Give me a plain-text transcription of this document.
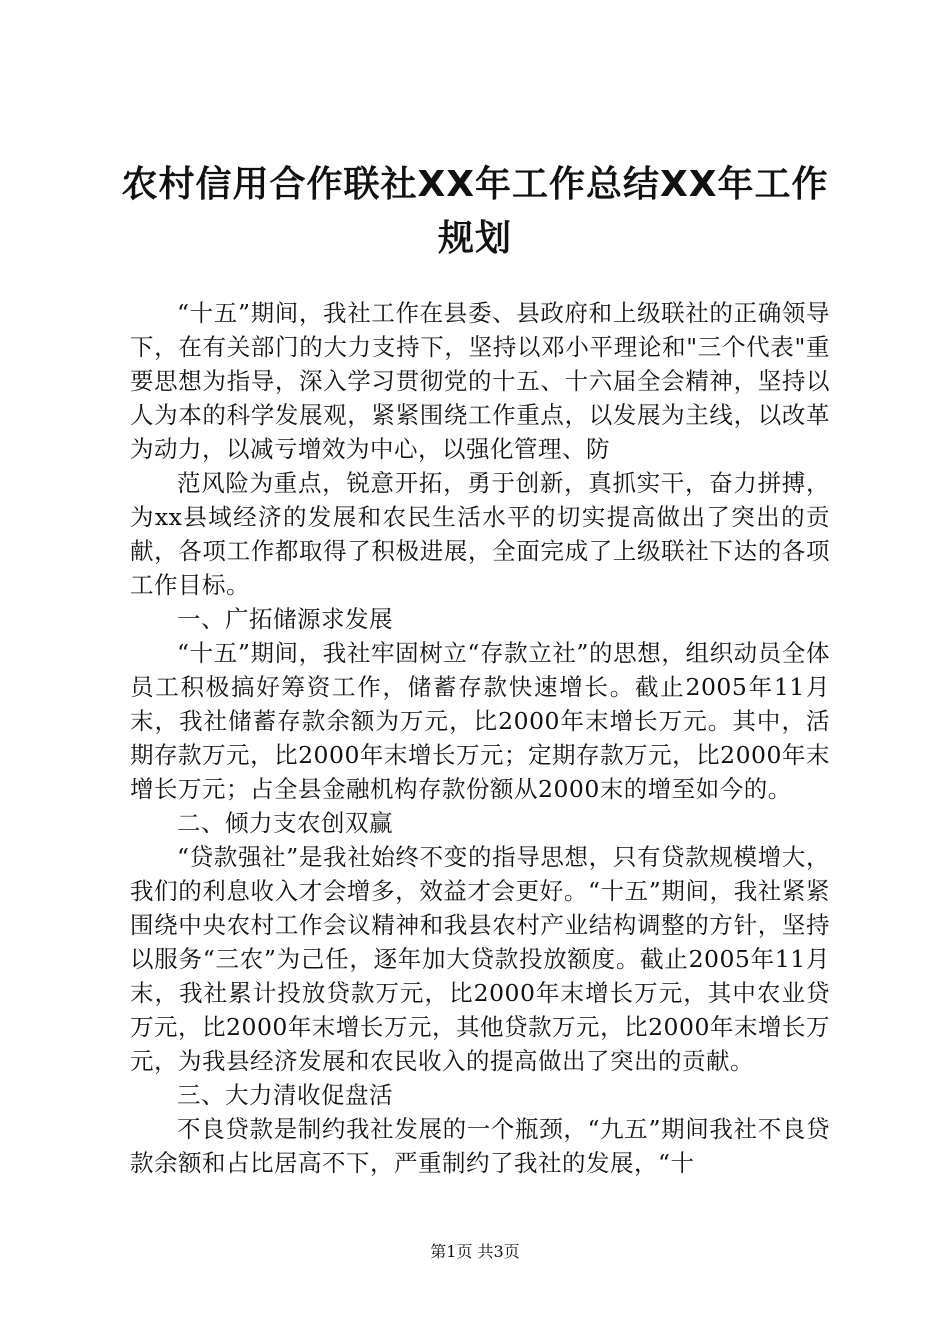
农村信用合作联社XX年工作总结XX年工作规划

“十五”期间，我社工作在县委、县政府和上级联社的正确领导下，在有关部门的大力支持下，坚持以邓小平理论和"三个代表"重要思想为指导，深入学习贯彻党的十五、十六届全会精神，坚持以人为本的科学发展观，紧紧围绕工作重点，以发展为主线，以改革为动力，以减亏增效为中心，以强化管理、防

范风险为重点，锐意开拓，勇于创新，真抓实干，奋力拼搏，为xx县域经济的发展和农民生活水平的切实提高做出了突出的贡献，各项工作都取得了积极进展，全面完成了上级联社下达的各项工作目标。

一、广拓储源求发展

“十五”期间，我社牢固树立“存款立社”的思想，组织动员全体员工积极搞好筹资工作，储蓄存款快速增长。截止2005年11月末，我社储蓄存款余额为万元，比2000年末增长万元。其中，活期存款万元，比2000年末增长万元；定期存款万元，比2000年末增长万元；占全县金融机构存款份额从2000末的增至如今的。

二、倾力支农创双赢

“贷款强社”是我社始终不变的指导思想，只有贷款规模增大，我们的利息收入才会增多，效益才会更好。“十五”期间，我社紧紧围绕中央农村工作会议精神和我县农村产业结构调整的方针，坚持以服务“三农”为己任，逐年加大贷款投放额度。截止2005年11月末，我社累计投放贷款万元，比2000年末增长万元，其中农业贷万元，比2000年末增长万元，其他贷款万元，比2000年末增长万元，为我县经济发展和农民收入的提高做出了突出的贡献。

三、大力清收促盘活

不良贷款是制约我社发展的一个瓶颈，“九五”期间我社不良贷款余额和占比居高不下，严重制约了我社的发展，“十

第1页 共3页
